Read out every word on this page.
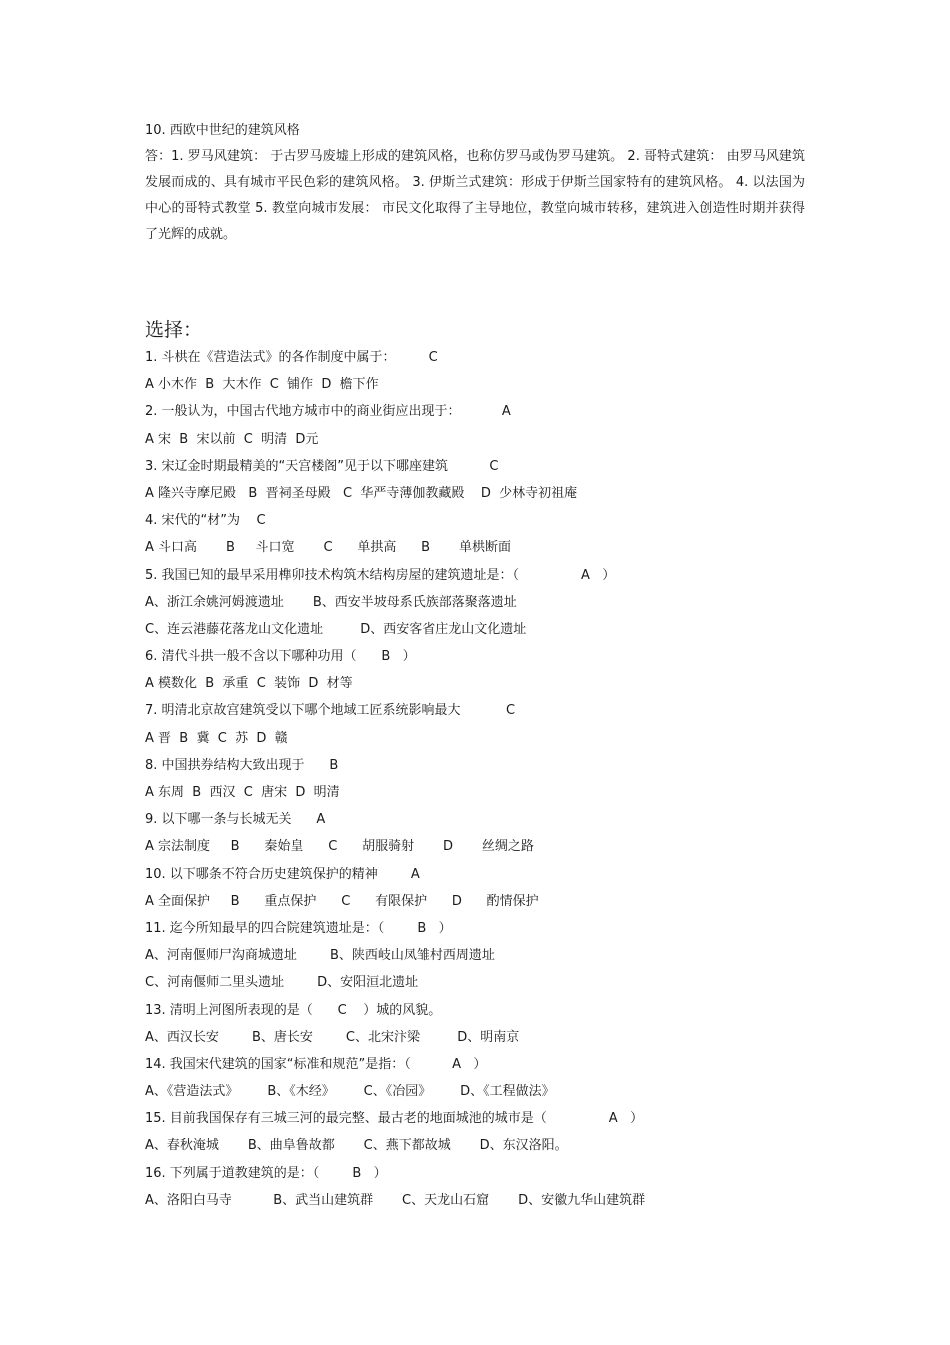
10. 西欧中世纪的建筑风格
答：1. 罗马风建筑： 于古罗马废墟上形成的建筑风格，也称仿罗马或伪罗马建筑。 2. 哥特式建筑： 由罗马风建筑发展而成的、具有城市平民色彩的建筑风格。 3. 伊斯兰式建筑：形成于伊斯兰国家特有的建筑风格。 4. 以法国为中心的哥特式教堂 5. 教堂向城市发展： 市民文化取得了主导地位，教堂向城市转移，建筑进入创造性时期并获得了光辉的成就。
选择：
1. 斗栱在《营造法式》的各作制度中属于：        C
A 小木作  B  大木作  C  铺作  D  檐下作
2. 一般认为，中国古代地方城市中的商业街应出现于：          A
A 宋  B  宋以前  C  明清  D元
3. 宋辽金时期最精美的“天宫楼阁”见于以下哪座建筑          C
A 隆兴寺摩尼殿   B  晋祠圣母殿   C  华严寺薄伽教藏殿    D  少林寺初祖庵
4. 宋代的“材”为    C
A 斗口高       B     斗口宽       C      单拱高      B       单栱断面
5. 我国已知的最早采用榫卯技术构筑木结构房屋的建筑遗址是：（               A   ）
A、浙江余姚河姆渡遗址       B、西安半坡母系氏族部落聚落遗址
C、连云港藤花落龙山文化遗址         D、西安客省庄龙山文化遗址
6. 清代斗拱一般不含以下哪种功用（      B   ）
A 模数化  B  承重  C  装饰  D  材等
7. 明清北京故宫建筑受以下哪个地域工匠系统影响最大           C
A 晋  B  冀  C  苏  D  赣
8. 中国拱券结构大致出现于      B
A 东周  B  西汉  C  唐宋  D  明清
9. 以下哪一条与长城无关      A
A 宗法制度     B      秦始皇      C      胡服骑射       D       丝绸之路
10. 以下哪条不符合历史建筑保护的精神        A
A 全面保护     B      重点保护      C      有限保护      D      酌情保护
11. 迄今所知最早的四合院建筑遗址是：（        B   ）
A、河南偃师尸沟商城遗址        B、陕西岐山凤雏村西周遗址
C、河南偃师二里头遗址        D、安阳洹北遗址
13. 清明上河图所表现的是（      C    ）城的风貌。
A、西汉长安        B、唐长安        C、北宋汴梁         D、明南京
14. 我国宋代建筑的国家“标准和规范”是指：（          A   ）
A、《营造法式》       B、《木经》       C、《冶园》       D、《工程做法》
15. 目前我国保存有三城三河的最完整、最古老的地面城池的城市是（               A   ）
A、春秋淹城       B、曲阜鲁故都       C、燕下都故城       D、东汉洛阳。
16. 下列属于道教建筑的是：（        B   ）
A、洛阳白马寺          B、武当山建筑群       C、天龙山石窟       D、安徽九华山建筑群
